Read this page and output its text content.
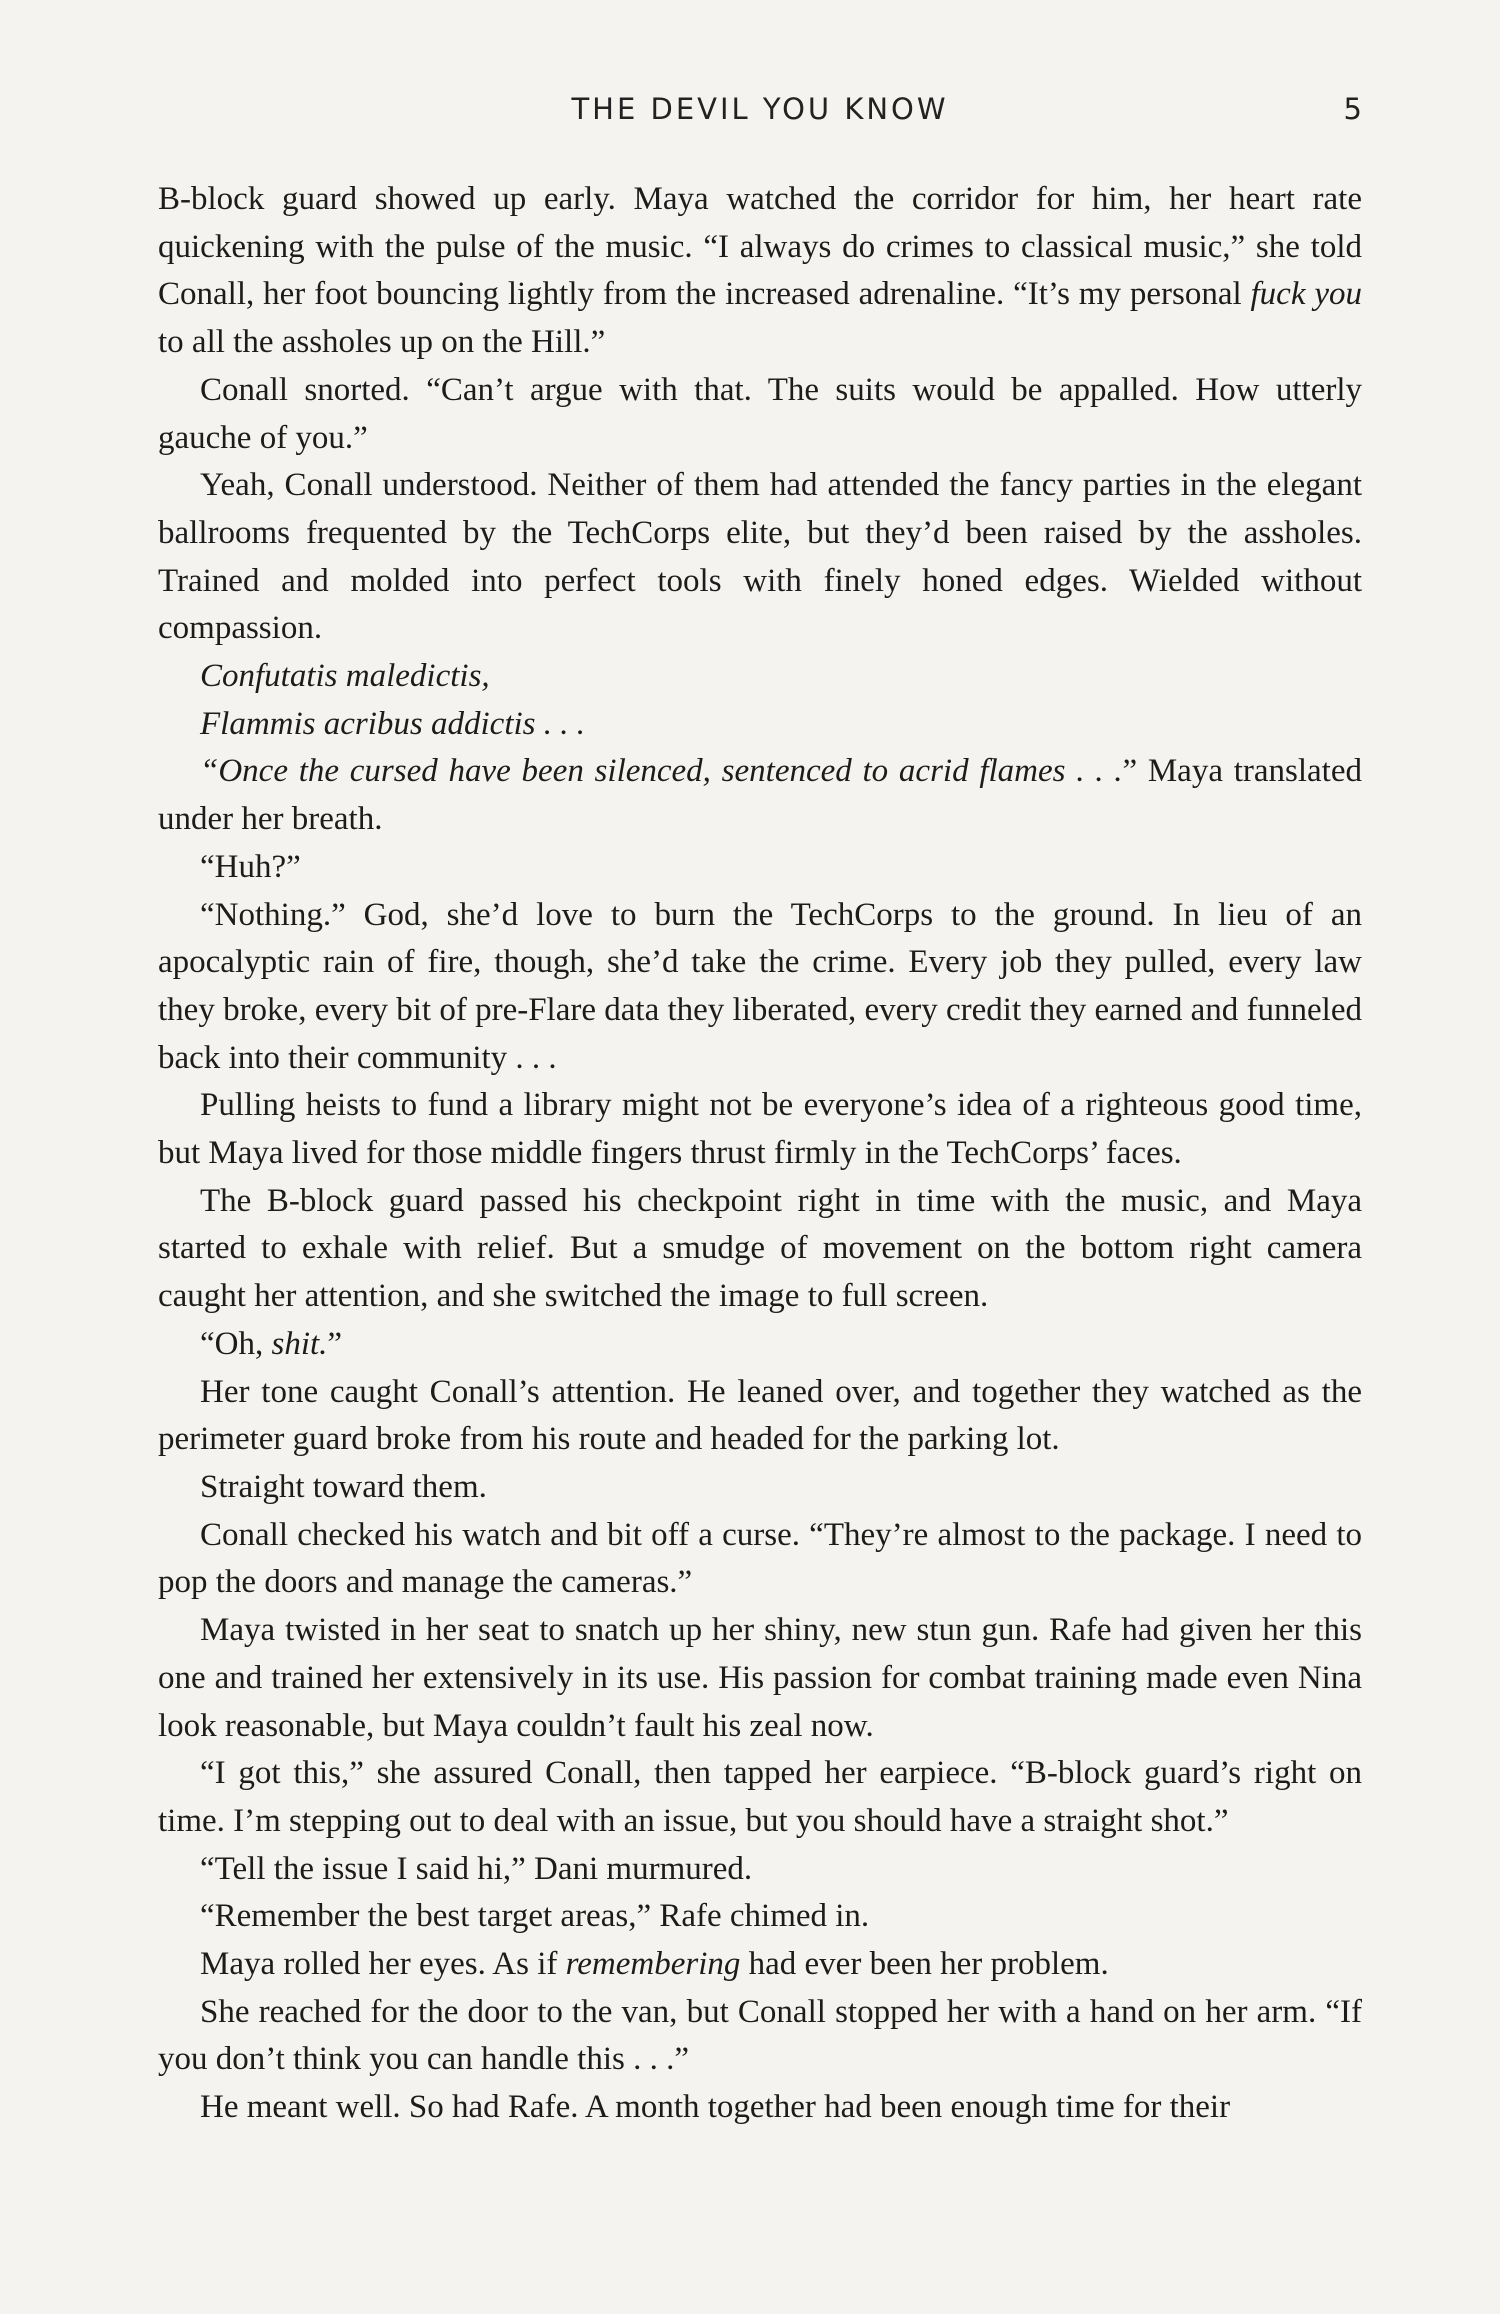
THE DEVIL YOU KNOW	5

B-block guard showed up early. Maya watched the corridor for him, her heart rate quickening with the pulse of the music. “I always do crimes to classical music,” she told Conall, her foot bouncing lightly from the increased adrenaline. “It’s my personal fuck you to all the assholes up on the Hill.”

Conall snorted. “Can’t argue with that. The suits would be appalled. How utterly gauche of you.”

Yeah, Conall understood. Neither of them had attended the fancy parties in the elegant ballrooms frequented by the TechCorps elite, but they’d been raised by the assholes. Trained and molded into perfect tools with finely honed edges. Wielded without compassion.

Confutatis maledictis,

Flammis acribus addictis . . .

“Once the cursed have been silenced, sentenced to acrid flames . . .” Maya translated under her breath.

“Huh?”

“Nothing.” God, she’d love to burn the TechCorps to the ground. In lieu of an apocalyptic rain of fire, though, she’d take the crime. Every job they pulled, every law they broke, every bit of pre-Flare data they liberated, every credit they earned and funneled back into their community . . .

Pulling heists to fund a library might not be everyone’s idea of a righteous good time, but Maya lived for those middle fingers thrust firmly in the TechCorps’ faces.

The B-block guard passed his checkpoint right in time with the music, and Maya started to exhale with relief. But a smudge of movement on the bottom right camera caught her attention, and she switched the image to full screen.

“Oh, shit.”

Her tone caught Conall’s attention. He leaned over, and together they watched as the perimeter guard broke from his route and headed for the parking lot.

Straight toward them.

Conall checked his watch and bit off a curse. “They’re almost to the package. I need to pop the doors and manage the cameras.”

Maya twisted in her seat to snatch up her shiny, new stun gun. Rafe had given her this one and trained her extensively in its use. His passion for combat training made even Nina look reasonable, but Maya couldn’t fault his zeal now.

“I got this,” she assured Conall, then tapped her earpiece. “B-block guard’s right on time. I’m stepping out to deal with an issue, but you should have a straight shot.”

“Tell the issue I said hi,” Dani murmured.

“Remember the best target areas,” Rafe chimed in.

Maya rolled her eyes. As if remembering had ever been her problem.

She reached for the door to the van, but Conall stopped her with a hand on her arm. “If you don’t think you can handle this . . .”

He meant well. So had Rafe. A month together had been enough time for their
